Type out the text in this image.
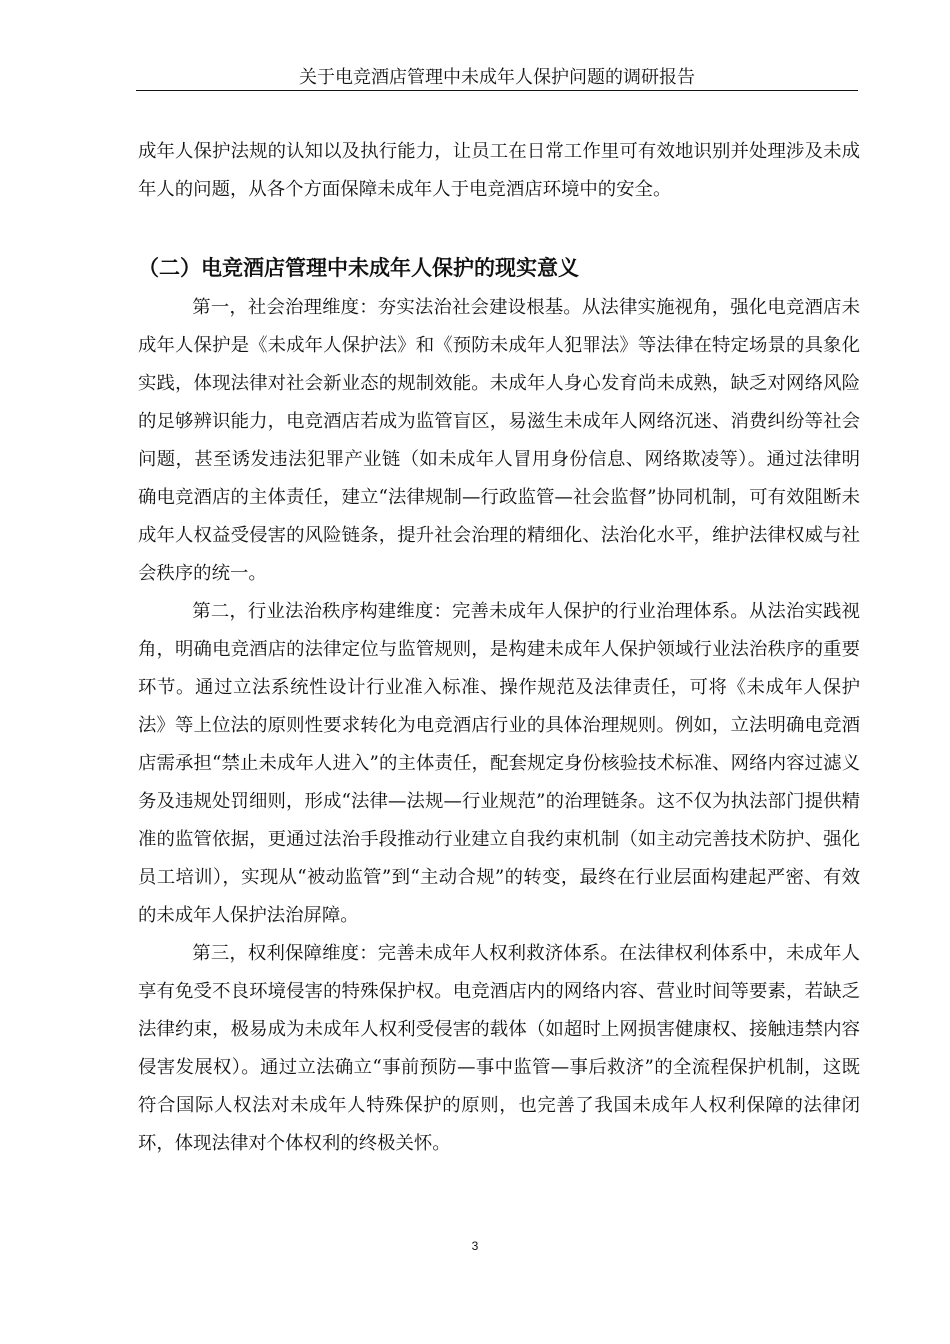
关于电竞酒店管理中未成年人保护问题的调研报告

成年人保护法规的认知以及执行能力，让员工在日常工作里可有效地识别并处理涉及未成年人的问题，从各个方面保障未成年人于电竞酒店环境中的安全。

（二）电竞酒店管理中未成年人保护的现实意义

第一，社会治理维度：夯实法治社会建设根基。从法律实施视角，强化电竞酒店未成年人保护是《未成年人保护法》和《预防未成年人犯罪法》等法律在特定场景的具象化实践，体现法律对社会新业态的规制效能。未成年人身心发育尚未成熟，缺乏对网络风险的足够辨识能力，电竞酒店若成为监管盲区，易滋生未成年人网络沉迷、消费纠纷等社会问题，甚至诱发违法犯罪产业链（如未成年人冒用身份信息、网络欺凌等）。通过法律明确电竞酒店的主体责任，建立“法律规制—行政监管—社会监督”协同机制，可有效阻断未成年人权益受侵害的风险链条，提升社会治理的精细化、法治化水平，维护法律权威与社会秩序的统一。

第二，行业法治秩序构建维度：完善未成年人保护的行业治理体系。从法治实践视角，明确电竞酒店的法律定位与监管规则，是构建未成年人保护领域行业法治秩序的重要环节。通过立法系统性设计行业准入标准、操作规范及法律责任，可将《未成年人保护法》等上位法的原则性要求转化为电竞酒店行业的具体治理规则。例如，立法明确电竞酒店需承担“禁止未成年人进入”的主体责任，配套规定身份核验技术标准、网络内容过滤义务及违规处罚细则，形成“法律—法规—行业规范”的治理链条。这不仅为执法部门提供精准的监管依据，更通过法治手段推动行业建立自我约束机制（如主动完善技术防护、强化员工培训），实现从“被动监管”到“主动合规”的转变，最终在行业层面构建起严密、有效的未成年人保护法治屏障。

第三，权利保障维度：完善未成年人权利救济体系。在法律权利体系中，未成年人享有免受不良环境侵害的特殊保护权。电竞酒店内的网络内容、营业时间等要素，若缺乏法律约束，极易成为未成年人权利受侵害的载体（如超时上网损害健康权、接触违禁内容侵害发展权）。通过立法确立“事前预防—事中监管—事后救济”的全流程保护机制，这既符合国际人权法对未成年人特殊保护的原则，也完善了我国未成年人权利保障的法律闭环，体现法律对个体权利的终极关怀。

3
